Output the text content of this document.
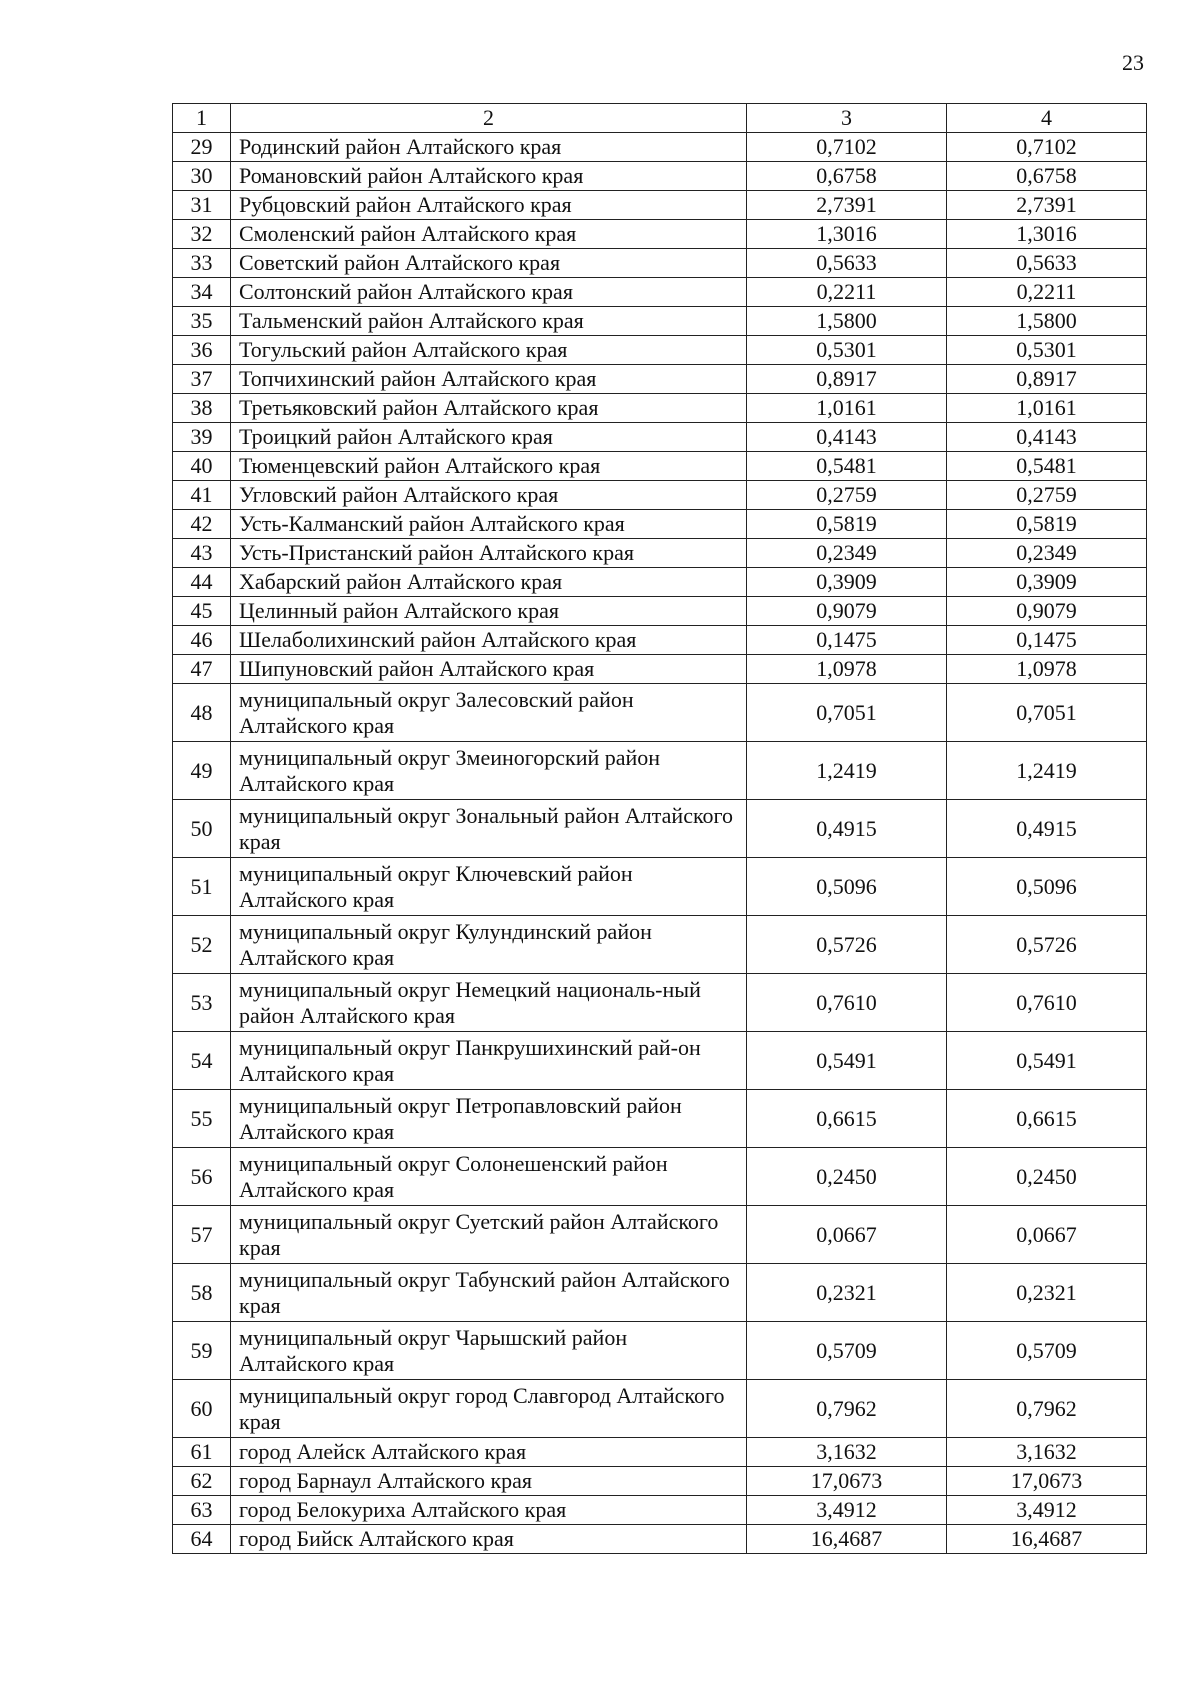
23
1	2	3	4
29	Родинский район Алтайского края	0,7102	0,7102
30	Романовский район Алтайского края	0,6758	0,6758
31	Рубцовский район Алтайского края	2,7391	2,7391
32	Смоленский район Алтайского края	1,3016	1,3016
33	Советский район Алтайского края	0,5633	0,5633
34	Солтонский район Алтайского края	0,2211	0,2211
35	Тальменский район Алтайского края	1,5800	1,5800
36	Тогульский район Алтайского края	0,5301	0,5301
37	Топчихинский район Алтайского края	0,8917	0,8917
38	Третьяковский район Алтайского края	1,0161	1,0161
39	Троицкий район Алтайского края	0,4143	0,4143
40	Тюменцевский район Алтайского края	0,5481	0,5481
41	Угловский район Алтайского края	0,2759	0,2759
42	Усть-Калманский район Алтайского края	0,5819	0,5819
43	Усть-Пристанский район Алтайского края	0,2349	0,2349
44	Хабарский район Алтайского края	0,3909	0,3909
45	Целинный район Алтайского края	0,9079	0,9079
46	Шелаболихинский район Алтайского края	0,1475	0,1475
47	Шипуновский район Алтайского края	1,0978	1,0978
48	муниципальный округ Залесовский район Алтайского края	0,7051	0,7051
49	муниципальный округ Змеиногорский район Алтайского края	1,2419	1,2419
50	муниципальный округ Зональный район Алтайского края	0,4915	0,4915
51	муниципальный округ Ключевский район Алтайского края	0,5096	0,5096
52	муниципальный округ Кулундинский район Алтайского края	0,5726	0,5726
53	муниципальный округ Немецкий националь-ный район Алтайского края	0,7610	0,7610
54	муниципальный округ Панкрушихинский рай-он Алтайского края	0,5491	0,5491
55	муниципальный округ Петропавловский район Алтайского края	0,6615	0,6615
56	муниципальный округ Солонешенский район Алтайского края	0,2450	0,2450
57	муниципальный округ Суетский район Алтайского края	0,0667	0,0667
58	муниципальный округ Табунский район Алтайского края	0,2321	0,2321
59	муниципальный округ Чарышский район Алтайского края	0,5709	0,5709
60	муниципальный округ город Славгород Алтайского края	0,7962	0,7962
61	город Алейск Алтайского края	3,1632	3,1632
62	город Барнаул Алтайского края	17,0673	17,0673
63	город Белокуриха Алтайского края	3,4912	3,4912
64	город Бийск Алтайского края	16,4687	16,4687
